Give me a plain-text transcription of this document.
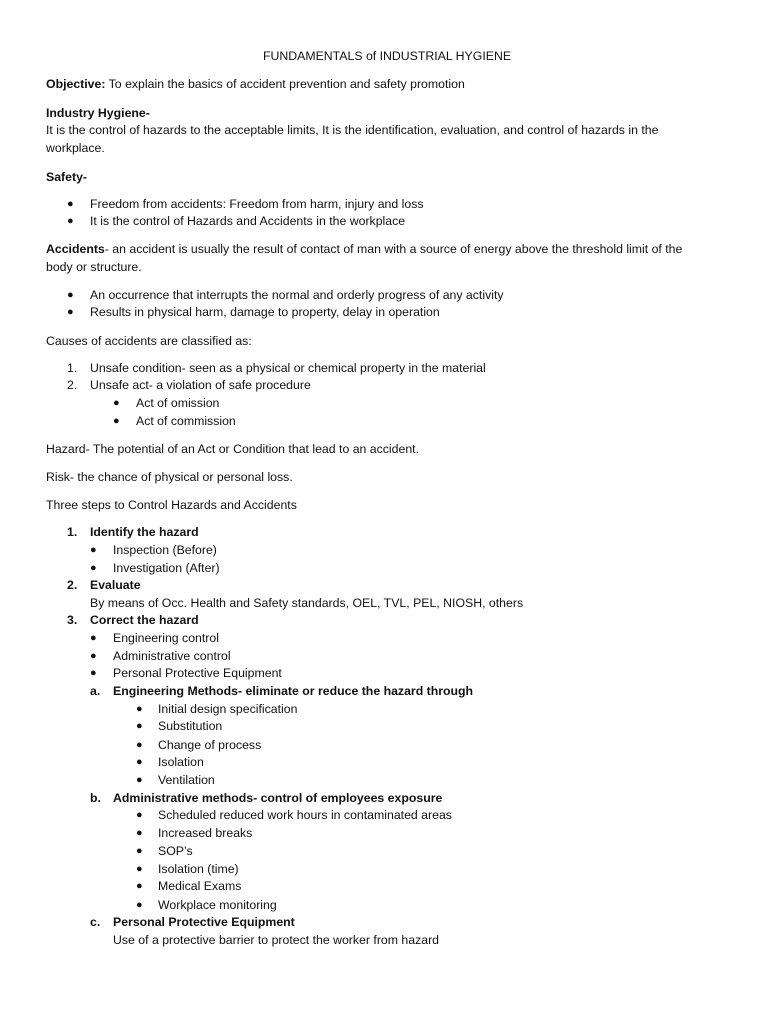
FUNDAMENTALS of INDUSTRIAL HYGIENE
Objective: To explain the basics of accident prevention and safety promotion
Industry Hygiene-
It is the control of hazards to the acceptable limits, It is the identification, evaluation, and control of hazards in the
workplace.
Safety-
● Freedom from accidents: Freedom from harm, injury and loss
● It is the control of Hazards and Accidents in the workplace
Accidents- an accident is usually the result of contact of man with a source of energy above the threshold limit of the
body or structure.
● An occurrence that interrupts the normal and orderly progress of any activity
● Results in physical harm, damage to property, delay in operation
Causes of accidents are classified as:
1. Unsafe condition- seen as a physical or chemical property in the material
2. Unsafe act- a violation of safe procedure
● Act of omission
● Act of commission
Hazard- The potential of an Act or Condition that lead to an accident.
Risk- the chance of physical or personal loss.
Three steps to Control Hazards and Accidents
1. Identify the hazard
● Inspection (Before)
● Investigation (After)
2. Evaluate
By means of Occ. Health and Safety standards, OEL, TVL, PEL, NIOSH, others
3. Correct the hazard
● Engineering control
● Administrative control
● Personal Protective Equipment
a. Engineering Methods- eliminate or reduce the hazard through
● Initial design specification
● Substitution
● Change of process
● Isolation
● Ventilation
b. Administrative methods- control of employees exposure
● Scheduled reduced work hours in contaminated areas
● Increased breaks
● SOP’s
● Isolation (time)
● Medical Exams
● Workplace monitoring
c. Personal Protective Equipment
Use of a protective barrier to protect the worker from hazard
